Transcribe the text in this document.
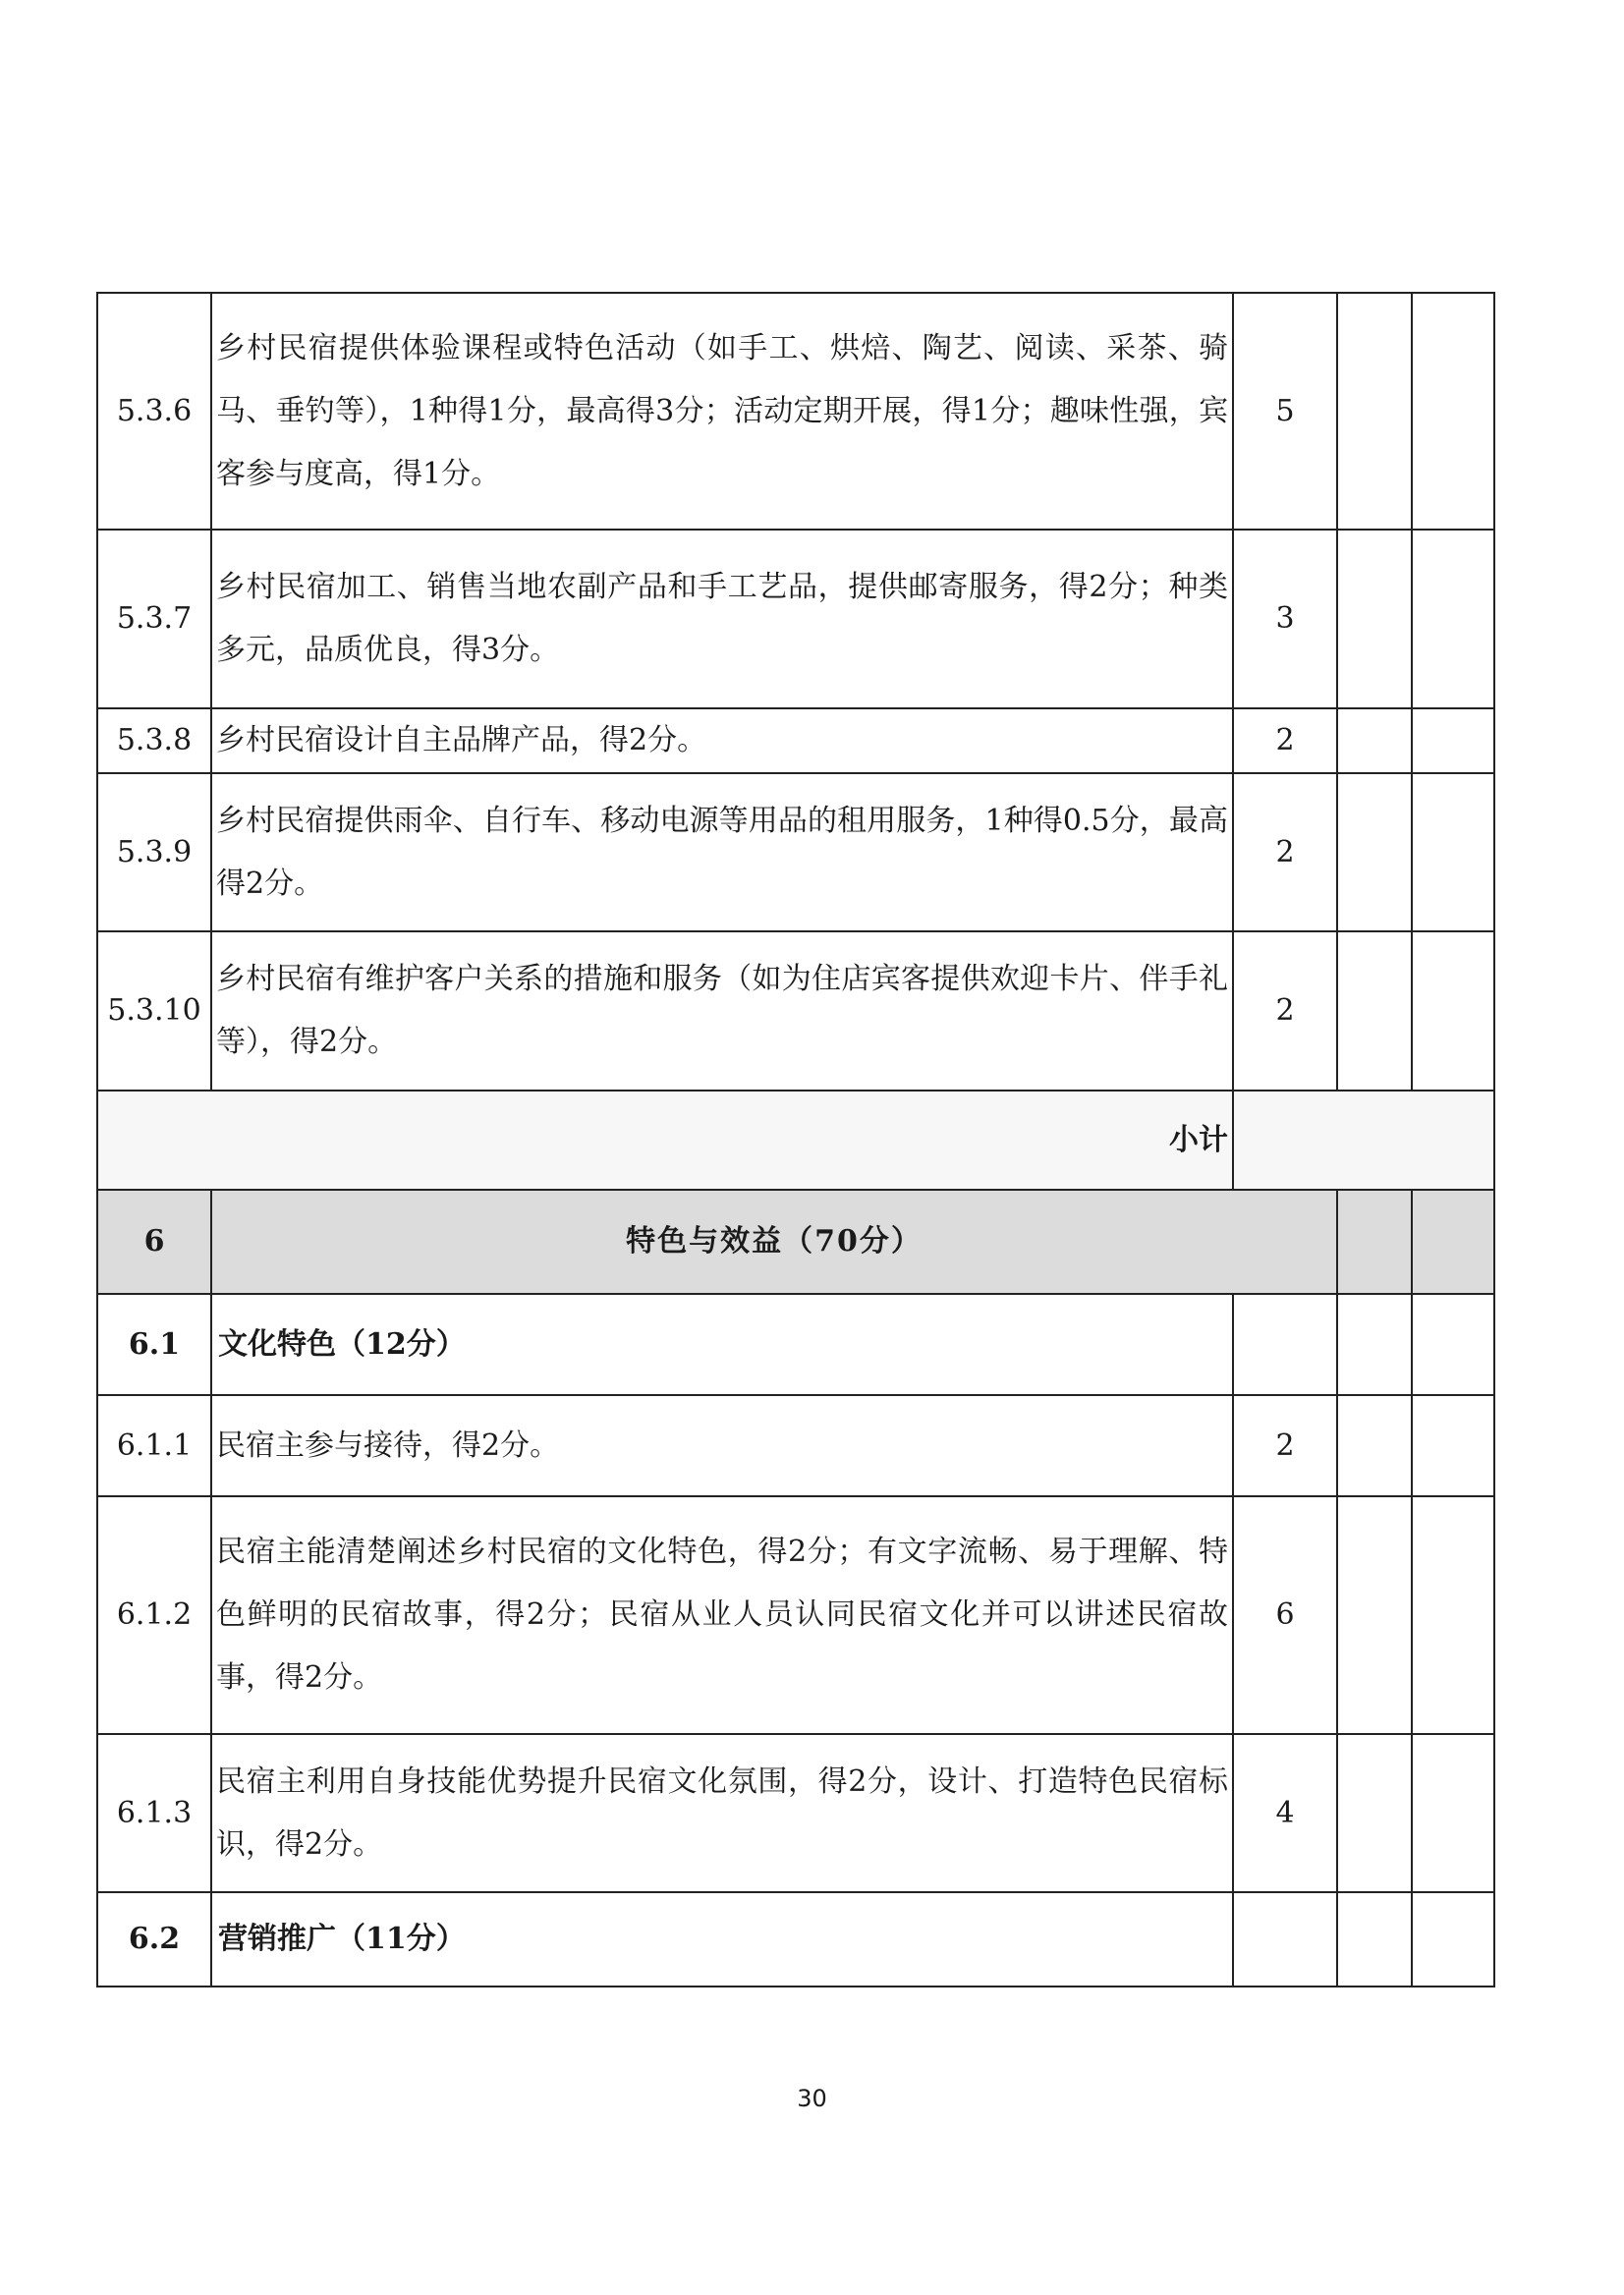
5.3.6	乡村民宿提供体验课程或特色活动（如手工、烘焙、陶艺、阅读、采茶、骑马、垂钓等），1种得1分，最高得3分；活动定期开展，得1分；趣味性强，宾客参与度高，得1分。	5		
5.3.7	乡村民宿加工、销售当地农副产品和手工艺品，提供邮寄服务，得2分；种类多元，品质优良，得3分。	3		
5.3.8	乡村民宿设计自主品牌产品，得2分。	2		
5.3.9	乡村民宿提供雨伞、自行车、移动电源等用品的租用服务，1种得0.5分，最高得2分。	2		
5.3.10	乡村民宿有维护客户关系的措施和服务（如为住店宾客提供欢迎卡片、伴手礼等），得2分。	2		
小计				
6	特色与效益（70分）			
6.1	文化特色（12分）			
6.1.1	民宿主参与接待，得2分。	2		
6.1.2	民宿主能清楚阐述乡村民宿的文化特色，得2分；有文字流畅、易于理解、特色鲜明的民宿故事，得2分；民宿从业人员认同民宿文化并可以讲述民宿故事，得2分。	6		
6.1.3	民宿主利用自身技能优势提升民宿文化氛围，得2分，设计、打造特色民宿标识，得2分。	4		
6.2	营销推广（11分）			
30
